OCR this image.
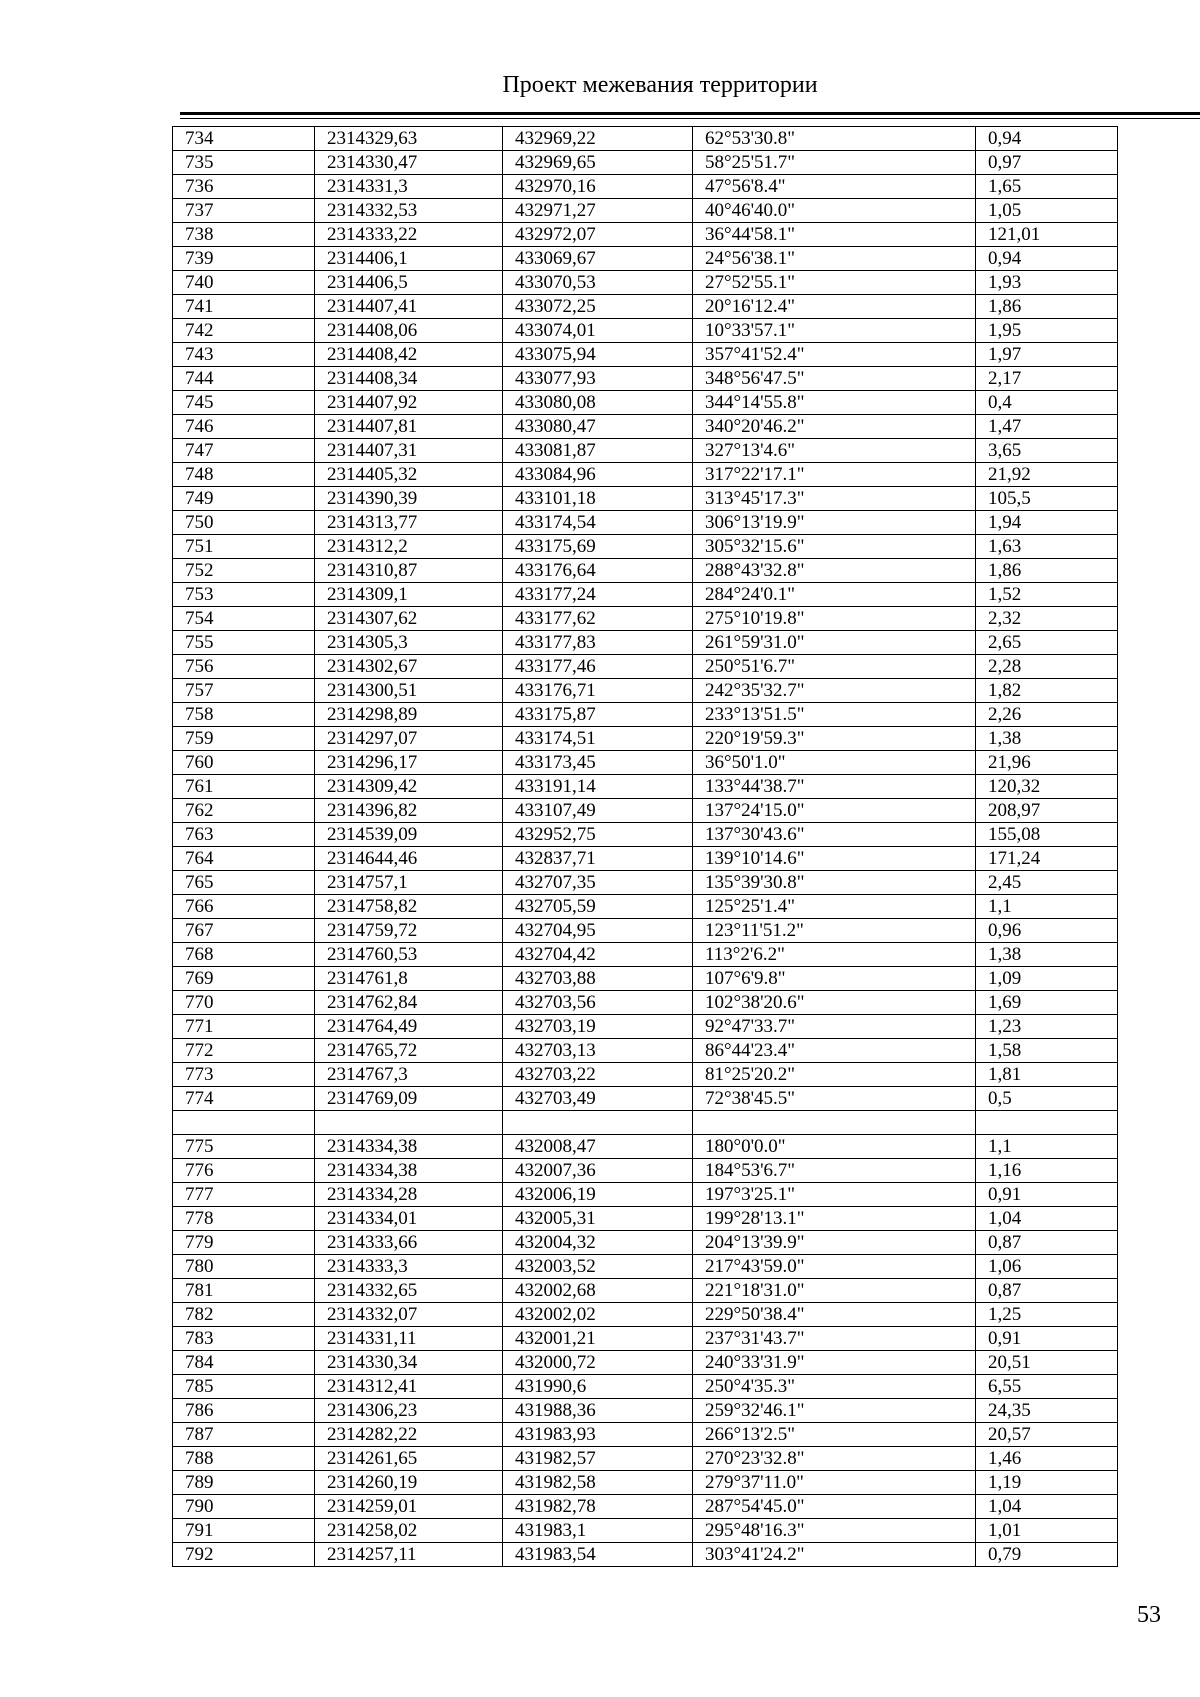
Проект межевания территории
734	2314329,63	432969,22	62°53'30.8"	0,94
735	2314330,47	432969,65	58°25'51.7"	0,97
736	2314331,3	432970,16	47°56'8.4"	1,65
737	2314332,53	432971,27	40°46'40.0"	1,05
738	2314333,22	432972,07	36°44'58.1"	121,01
739	2314406,1	433069,67	24°56'38.1"	0,94
740	2314406,5	433070,53	27°52'55.1"	1,93
741	2314407,41	433072,25	20°16'12.4"	1,86
742	2314408,06	433074,01	10°33'57.1"	1,95
743	2314408,42	433075,94	357°41'52.4"	1,97
744	2314408,34	433077,93	348°56'47.5"	2,17
745	2314407,92	433080,08	344°14'55.8"	0,4
746	2314407,81	433080,47	340°20'46.2"	1,47
747	2314407,31	433081,87	327°13'4.6"	3,65
748	2314405,32	433084,96	317°22'17.1"	21,92
749	2314390,39	433101,18	313°45'17.3"	105,5
750	2314313,77	433174,54	306°13'19.9"	1,94
751	2314312,2	433175,69	305°32'15.6"	1,63
752	2314310,87	433176,64	288°43'32.8"	1,86
753	2314309,1	433177,24	284°24'0.1"	1,52
754	2314307,62	433177,62	275°10'19.8"	2,32
755	2314305,3	433177,83	261°59'31.0"	2,65
756	2314302,67	433177,46	250°51'6.7"	2,28
757	2314300,51	433176,71	242°35'32.7"	1,82
758	2314298,89	433175,87	233°13'51.5"	2,26
759	2314297,07	433174,51	220°19'59.3"	1,38
760	2314296,17	433173,45	36°50'1.0"	21,96
761	2314309,42	433191,14	133°44'38.7"	120,32
762	2314396,82	433107,49	137°24'15.0"	208,97
763	2314539,09	432952,75	137°30'43.6"	155,08
764	2314644,46	432837,71	139°10'14.6"	171,24
765	2314757,1	432707,35	135°39'30.8"	2,45
766	2314758,82	432705,59	125°25'1.4"	1,1
767	2314759,72	432704,95	123°11'51.2"	0,96
768	2314760,53	432704,42	113°2'6.2"	1,38
769	2314761,8	432703,88	107°6'9.8"	1,09
770	2314762,84	432703,56	102°38'20.6"	1,69
771	2314764,49	432703,19	92°47'33.7"	1,23
772	2314765,72	432703,13	86°44'23.4"	1,58
773	2314767,3	432703,22	81°25'20.2"	1,81
774	2314769,09	432703,49	72°38'45.5"	0,5

775	2314334,38	432008,47	180°0'0.0"	1,1
776	2314334,38	432007,36	184°53'6.7"	1,16
777	2314334,28	432006,19	197°3'25.1"	0,91
778	2314334,01	432005,31	199°28'13.1"	1,04
779	2314333,66	432004,32	204°13'39.9"	0,87
780	2314333,3	432003,52	217°43'59.0"	1,06
781	2314332,65	432002,68	221°18'31.0"	0,87
782	2314332,07	432002,02	229°50'38.4"	1,25
783	2314331,11	432001,21	237°31'43.7"	0,91
784	2314330,34	432000,72	240°33'31.9"	20,51
785	2314312,41	431990,6	250°4'35.3"	6,55
786	2314306,23	431988,36	259°32'46.1"	24,35
787	2314282,22	431983,93	266°13'2.5"	20,57
788	2314261,65	431982,57	270°23'32.8"	1,46
789	2314260,19	431982,58	279°37'11.0"	1,19
790	2314259,01	431982,78	287°54'45.0"	1,04
791	2314258,02	431983,1	295°48'16.3"	1,01
792	2314257,11	431983,54	303°41'24.2"	0,79
53
